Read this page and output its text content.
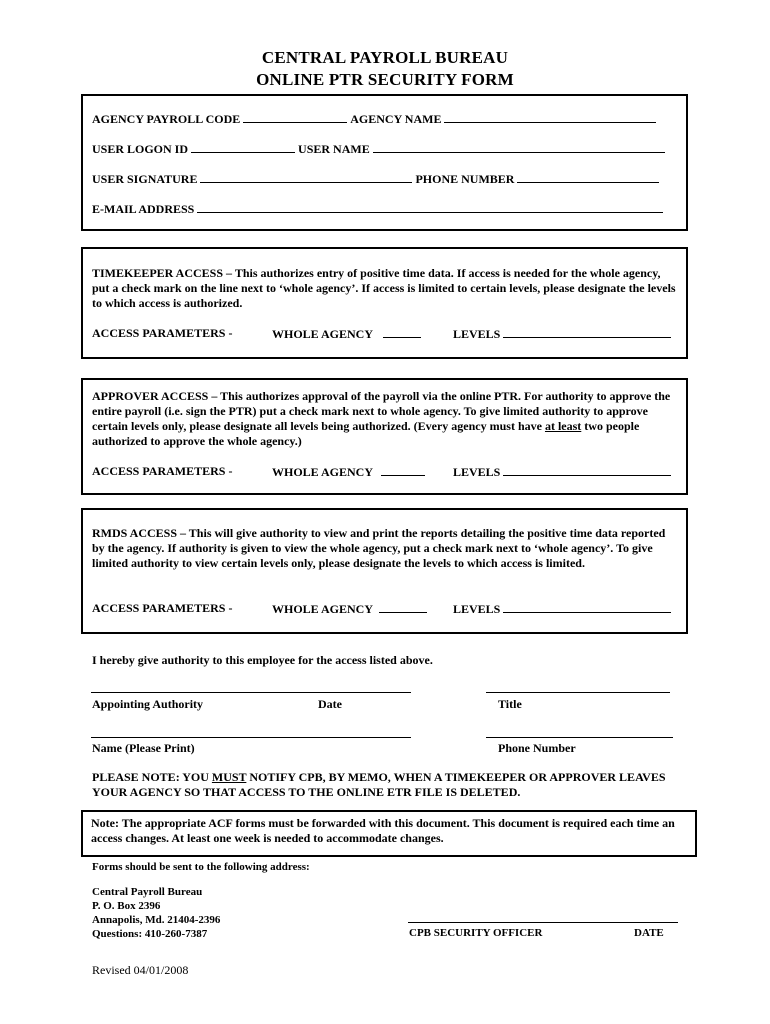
CENTRAL PAYROLL BUREAU
ONLINE PTR SECURITY FORM
AGENCY PAYROLL CODE	AGENCY NAME
USER LOGON ID	USER NAME
USER SIGNATURE	PHONE NUMBER
E-MAIL ADDRESS
TIMEKEEPER ACCESS – This authorizes entry of positive time data. If access is needed for the whole agency, put a check mark on the line next to ‘whole agency’. If access is limited to certain levels, please designate the levels to which access is authorized.
ACCESS PARAMETERS -	WHOLE AGENCY	LEVELS
APPROVER ACCESS – This authorizes approval of the payroll via the online PTR. For authority to approve the entire payroll (i.e. sign the PTR) put a check mark next to whole agency. To give limited authority to approve certain levels only, please designate all levels being authorized. (Every agency must have at least two people authorized to approve the whole agency.)
ACCESS PARAMETERS -	WHOLE AGENCY	LEVELS
RMDS ACCESS – This will give authority to view and print the reports detailing the positive time data reported by the agency. If authority is given to view the whole agency, put a check mark next to ‘whole agency’. To give limited authority to view certain levels only, please designate the levels to which access is limited.
ACCESS PARAMETERS -	WHOLE AGENCY	LEVELS
I hereby give authority to this employee for the access listed above.
Appointing Authority	Date	Title
Name (Please Print)	Phone Number
PLEASE NOTE: YOU MUST NOTIFY CPB, BY MEMO, WHEN A TIMEKEEPER OR APPROVER LEAVES YOUR AGENCY SO THAT ACCESS TO THE ONLINE ETR FILE IS DELETED.
Note: The appropriate ACF forms must be forwarded with this document. This document is required each time an access changes. At least one week is needed to accommodate changes.
Forms should be sent to the following address:
Central Payroll Bureau
P. O. Box 2396
Annapolis, Md. 21404-2396
Questions: 410-260-7387	CPB SECURITY OFFICER	DATE
Revised 04/01/2008
